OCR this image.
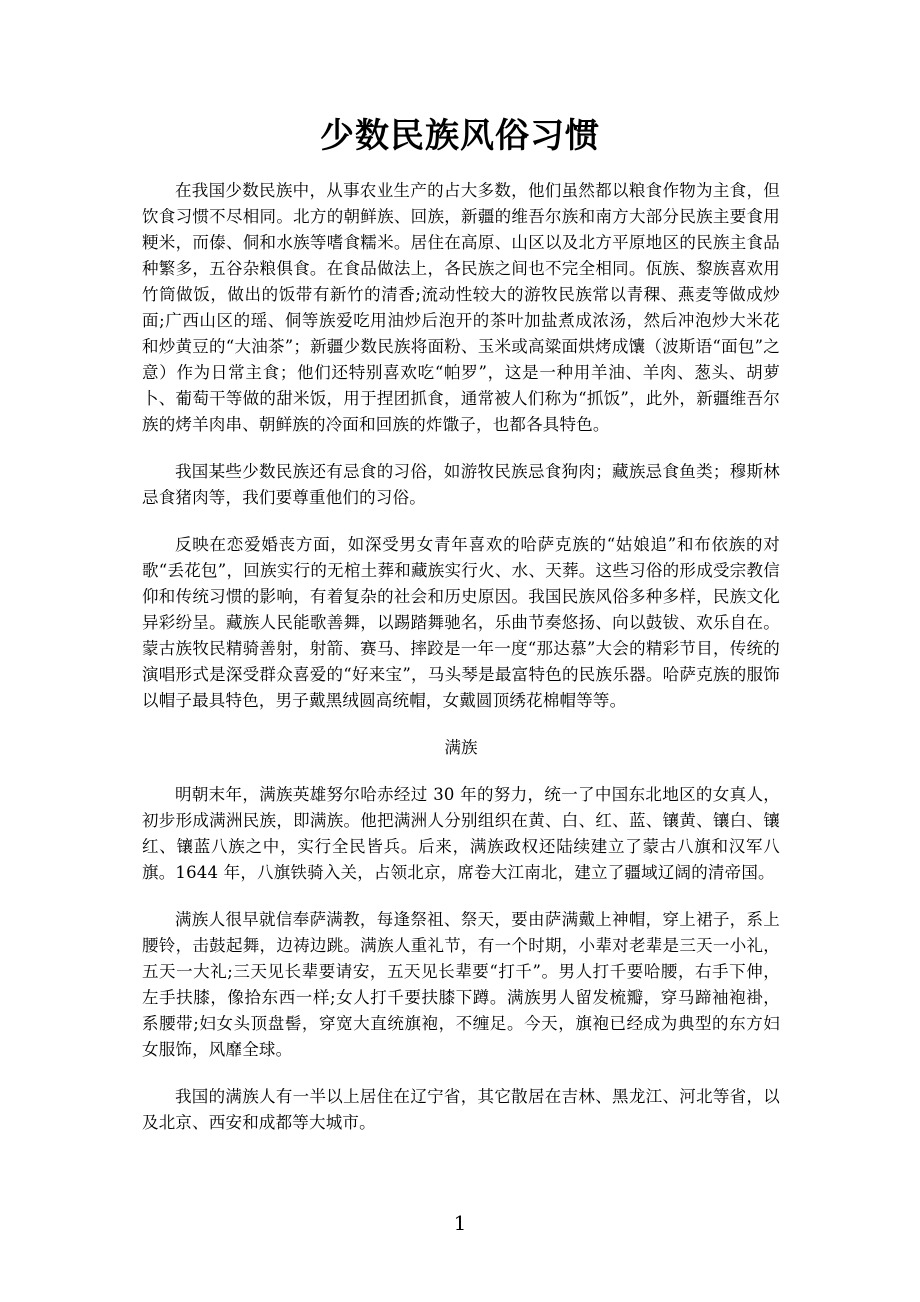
少数民族风俗习惯

在我国少数民族中，从事农业生产的占大多数，他们虽然都以粮食作物为主食，但饮食习惯不尽相同。北方的朝鲜族、回族，新疆的维吾尔族和南方大部分民族主要食用粳米，而傣、侗和水族等嗜食糯米。居住在高原、山区以及北方平原地区的民族主食品种繁多，五谷杂粮俱食。在食品做法上，各民族之间也不完全相同。佤族、黎族喜欢用竹筒做饭，做出的饭带有新竹的清香;流动性较大的游牧民族常以青稞、燕麦等做成炒面;广西山区的瑶、侗等族爱吃用油炒后泡开的茶叶加盐煮成浓汤，然后冲泡炒大米花和炒黄豆的“大油茶”；新疆少数民族将面粉、玉米或高粱面烘烤成馕（波斯语“面包”之意）作为日常主食；他们还特别喜欢吃“帕罗”，这是一种用羊油、羊肉、葱头、胡萝卜、葡萄干等做的甜米饭，用于捏团抓食，通常被人们称为“抓饭”，此外，新疆维吾尔族的烤羊肉串、朝鲜族的冷面和回族的炸馓子，也都各具特色。

我国某些少数民族还有忌食的习俗，如游牧民族忌食狗肉；藏族忌食鱼类；穆斯林忌食猪肉等，我们要尊重他们的习俗。

反映在恋爱婚丧方面，如深受男女青年喜欢的哈萨克族的“姑娘追”和布依族的对歌“丢花包”，回族实行的无棺土葬和藏族实行火、水、天葬。这些习俗的形成受宗教信仰和传统习惯的影响，有着复杂的社会和历史原因。我国民族风俗多种多样，民族文化异彩纷呈。藏族人民能歌善舞，以踢踏舞驰名，乐曲节奏悠扬、向以鼓钹、欢乐自在。蒙古族牧民精骑善射，射箭、赛马、摔跤是一年一度“那达慕”大会的精彩节目，传统的演唱形式是深受群众喜爱的“好来宝”，马头琴是最富特色的民族乐器。哈萨克族的服饰以帽子最具特色，男子戴黑绒圆高统帽，女戴圆顶绣花棉帽等等。

满族

明朝末年，满族英雄努尔哈赤经过 30 年的努力，统一了中国东北地区的女真人，初步形成满洲民族，即满族。他把满洲人分别组织在黄、白、红、蓝、镶黄、镶白、镶红、镶蓝八族之中，实行全民皆兵。后来，满族政权还陆续建立了蒙古八旗和汉军八旗。1644 年，八旗铁骑入关，占领北京，席卷大江南北，建立了疆域辽阔的清帝国。

满族人很早就信奉萨满教，每逢祭祖、祭天，要由萨满戴上神帽，穿上裙子，系上腰铃，击鼓起舞，边祷边跳。满族人重礼节，有一个时期，小辈对老辈是三天一小礼，五天一大礼;三天见长辈要请安，五天见长辈要“打千”。男人打千要哈腰，右手下伸，左手扶膝，像拾东西一样;女人打千要扶膝下蹲。满族男人留发梳瓣，穿马蹄袖袍褂，系腰带;妇女头顶盘髻，穿宽大直统旗袍，不缠足。今天，旗袍已经成为典型的东方妇女服饰，风靡全球。

我国的满族人有一半以上居住在辽宁省，其它散居在吉林、黑龙江、河北等省，以及北京、西安和成都等大城市。

1
